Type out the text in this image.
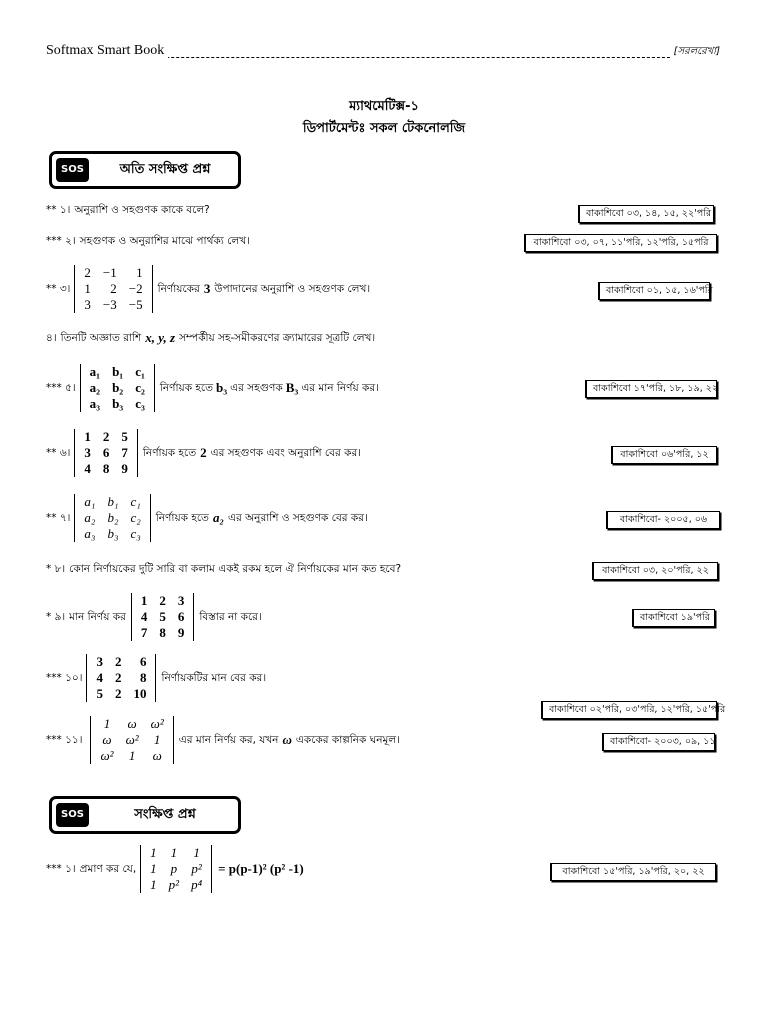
Softmax Smart Book	[সরলরেখা]
ম্যাথমেটিক্স-১
ডিপার্টমেন্টঃ সকল টেকনোলজি
SOS	অতি সংক্ষিপ্ত প্রশ্ন
** ১। অনুরাশি ও সহগুণক কাকে বলে?	বাকাশিবো ০৩, ১৪, ১৫, ২২'পরি
*** ২। সহগুণক ও অনুরাশির মাঝে পার্থক্য লেখ।	বাকাশিবো ০৩, ০৭, ১১'পরি, ১২'পরি, ১৫পরি
** ৩।
2	−1	1
1	2	−2
3	−3	−5
নির্ণায়কের 3 উপাদানের অনুরাশি ও সহগুণক লেখ।	বাকাশিবো ০১, ১৫, ১৬'পরি
৪। তিনটি অজ্ঞাত রাশি x, y, z সম্পর্কীয় সহ-সমীকরণের ক্র্যামারের সূত্রটি লেখ।
*** ৫।
a₁	b₁	c₁
a₂	b₂	c₂
a₃	b₃	c₃
নির্ণায়ক হতে b₃ এর সহগুণক B₃ এর মান নির্ণয় কর।	বাকাশিবো ১৭'পরি, ১৮, ১৯, ২২
** ৬।
1	2	5
3	6	7
4	8	9
নির্ণায়ক হতে 2 এর সহগুণক এবং অনুরাশি বের কর।	বাকাশিবো ০৬'পরি, ১২
** ৭।
a₁	b₁	c₁
a₂	b₂	c₂
a₃	b₃	c₃
নির্ণায়ক হতে a₂ এর অনুরাশি ও সহগুণক বের কর।	বাকাশিবো- ২০০৫, ০৬
* ৮। কোন নির্ণায়কের দুটি সারি বা কলাম একই রকম হলে ঐ নির্ণায়কের মান কত হবে?	বাকাশিবো ০৩, ২০'পরি, ২২
* ৯। মান নির্ণয় কর
1	2	3
4	5	6
7	8	9
বিস্তার না করে।	বাকাশিবো ১৯'পরি
*** ১০।
3	2	6
4	2	8
5	2	10
নির্ণায়কটির মান বের কর।
বাকাশিবো ০২'পরি, ০৩'পরি, ১২'পরি, ১৫'পরি
*** ১১।
1	ω	ω²
ω	ω²	1
ω²	1	ω
এর মান নির্ণয় কর, যখন ω এককের কাল্পনিক ঘনমূল।	বাকাশিবো- ২০০৩, ০৯, ১১
SOS	সংক্ষিপ্ত প্রশ্ন
*** ১। প্রমাণ কর যে,
1	1	1
1	p	p²
1	p²	p⁴
= p(p-1)² (p² -1)	বাকাশিবো ১৫'পরি, ১৯'পরি, ২০, ২২
